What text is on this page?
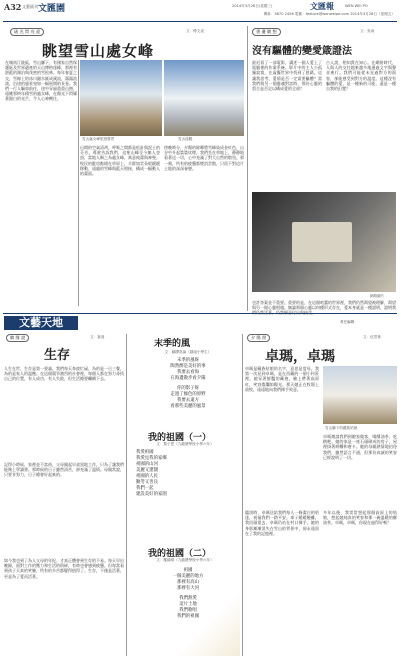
A32 文藝副刊 文匯園	2014年3月26日(星期三)	文匯報	WEN WEI PO
傳真：3870 2456 電郵：feature@wenweipo.com 2014年3月28日（星期五）
琉 光 閃 亮 迎	文：傅文炎
眺望雪山處女峰
在城南江陵區，雪山腳下，有國家自然保護區及世界遺產的天山博格達峰，那裡有湛藍的湖泊與茂密的雪松林。每年春夏之交，雪線上的冰川融水匯成溪流，潺潺流淌，沿途的風景宛如一幅展開的長卷。我們一行人驅車前往，途中穿過重重山巒，遠眺那終年積雪的處女峰，在陽光下閃耀著銀白的光芒，令人心神嚮往。
雪山處女峰旅遊勝景	雪山遠眺
山間的空氣清冽，呼吸之間都是松針與泥土的芬芳。導遊告訴我們，這座山峰至今無人登頂，當地人稱之為處女峰，寓意純潔與神聖。牧民的氈房點綴在草原上，羊群如雲朵般緩緩移動，遠處的雪峰與藍天相接，構成一幅動人的畫面。
傍晚時分，夕陽的餘暉將雪峰染成金紅色，山谷中升起裊裊炊煙。我們坐在草地上，靜靜地看著這一切，心中充滿了對大自然的敬畏。那一刻，所有的疲憊都煙消雲散，只留下對這片土地的深深眷戀。
書 邊 隨 想	文：吳雨
沒有驅體的變愛箴證法
最近看了一部電影，講述一個人愛上了電腦裡的作業系統。影片中的主人公孤獨寂寞，在虛擬世界中找到了慰藉。這讓我思考，愛情是否一定需要軀體？當我們與另一個靈魂對話時，那份心靈的契合是否足以構成愛的全部？
古人說，相知貴在知心。在網絡時代，人與人的交往越來越多地通過文字與聲音進行。我們可能從未見過對方的面容，卻能感受到對方的溫度。這種沒有軀體的愛，是一種新的可能，還是一種自我的幻覺？
網路圖片
也許答案並不重要。重要的是，在這個喧囂的世界裡，我們仍然渴望被理解，渴望與另一個心靈相遇。無論那個心靈以何種形式存在，愛本身就是一種證明，證明我
文藝天地	責任編輯：
隨 緣 說	文：嘉逸
生存
人生在世，生存是第一要義。我們每天奔波忙碌，為的是一日三餐，為的是家人的溫飽。在這個競爭激烈的社會裡，每個人都在努力尋找自己的位置，有人成功，有人失敗，但生活總要繼續下去。
記得小時候，家裡並不富裕，父母親起早貪黑地工作，只為了讓我們能夠上學讀書。那時候的日子雖然清苦，卻充滿了溫情。母親常說，只要肯努力，日子總會好起來的。
如今我也到了為人父母的年紀，才真正體會到生存的不易。每天早出晚歸，面對工作的壓力和生活的瑣碎，有時也會感到疲憊。但每當看到孩子天真的笑臉，所有的辛苦都變得值得了。生存，不僅是活著，更是為了愛而活著。
末季的風
文：翻譯鳥論（越南小學生）
末季的風呀
陶然醉是美好的事
我要去看海
在海邊散步看夕陽
你的影子呀
走過了綠色的原野
我要去遠方
看那些美麗的風景
我的祖國（一）
文：黎子思（九龍塘學校小學六年）
我愛祖國
我愛見我的家鄉
祖國的山河
美麗又遼闊
祖國的人民
勤勞又善良
我們一起
建設美好的家園
我的祖國（二）
文：羅絲晴（九龍塘學校小學六年）
祖國
一個美麗的地方
那裡有高山
那裡有大河
我們熱愛
這片土地
我們歌唱
我們的祖國
夕 陽 照	文：伍景林
卓瑪，卓瑪
卓瑪是藏族姑娘的名字，意思是度母。我第一次見到卓瑪，是在西藏的一個小村莊裡。她穿著鮮豔的藏袍，臉上帶著高原紅，笑容燦爛如陽光。那天她正在牧場上放牧，遠遠地向我們揮手致意。
雪山腳下的藏族姑娘
卓瑪邀請我們到她家做客，喝酥油茶，吃糌粑。她的家是一座石頭砌成的房子，屋裡掛著經幡和唐卡。她的母親熱情地招待我們，雖然語言不通，但那份真誠的笑容已經說明了一切。
臨別時，卓瑪送給我們每人一條潔白的哈達，祝福我們一路平安。車子緩緩駛離，我回頭望去，卓瑪仍站在村口揮手，她的身影漸漸消失在雪山的背景中，卻永遠留在了我的記憶裡。
多年以後，我常常想起那個高原上的姑娘，想起她純真的笑容和那一碗溫暖的酥油茶。卓瑪，卓瑪，你現在過得好嗎？
